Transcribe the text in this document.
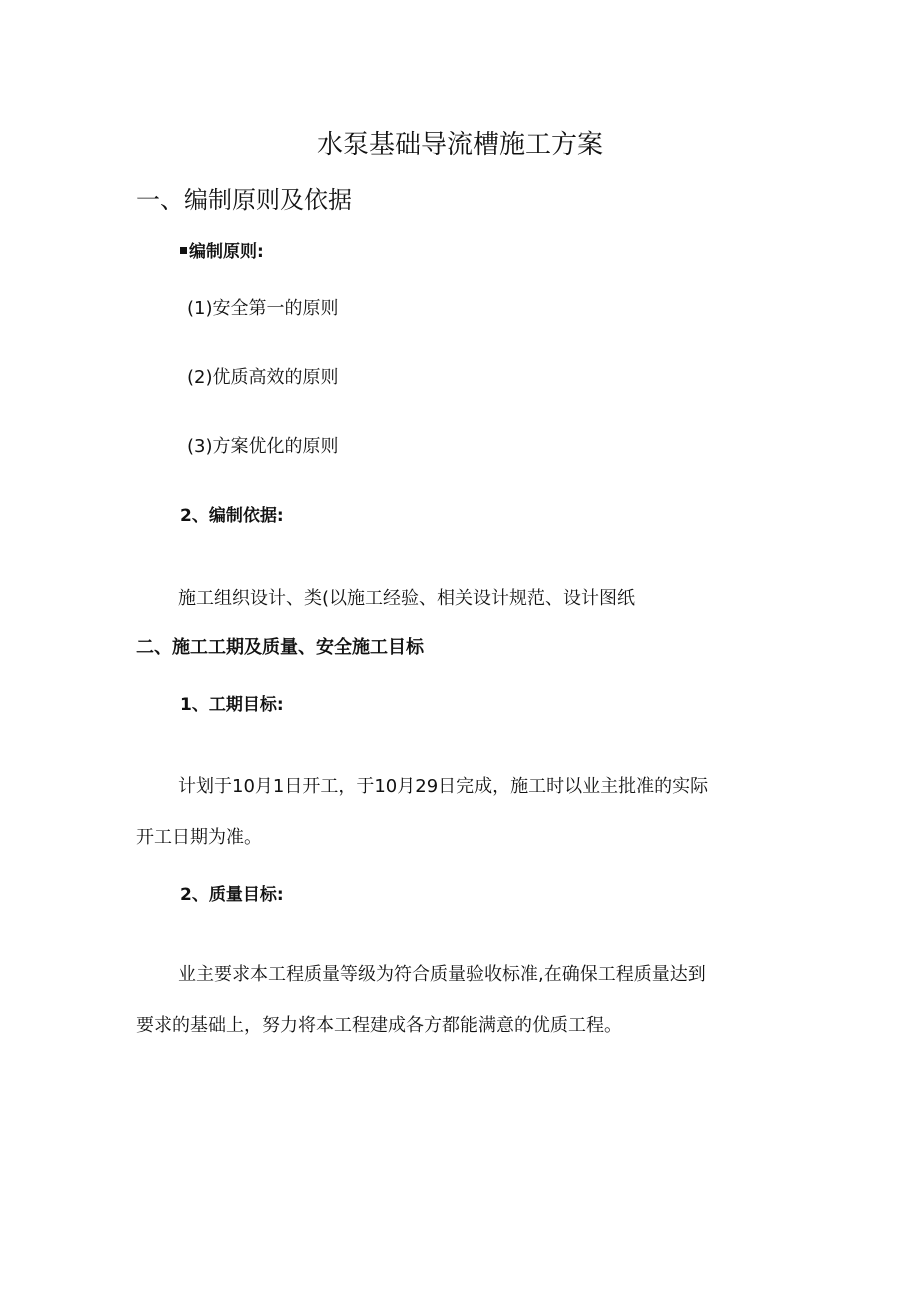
水泵基础导流槽施工方案
一、编制原则及依据
编制原则:
(1)安全第一的原则
(2)优质高效的原则
(3)方案优化的原则
2、编制依据:
施工组织设计、类(以施工经验、相关设计规范、设计图纸
二、施工工期及质量、安全施工目标
1、工期目标:
计划于10月1日开工，于10月29日完成，施工时以业主批准的实际
开工日期为准。
2、质量目标:
业主要求本工程质量等级为符合质量验收标准,在确保工程质量达到
要求的基础上，努力将本工程建成各方都能满意的优质工程。
